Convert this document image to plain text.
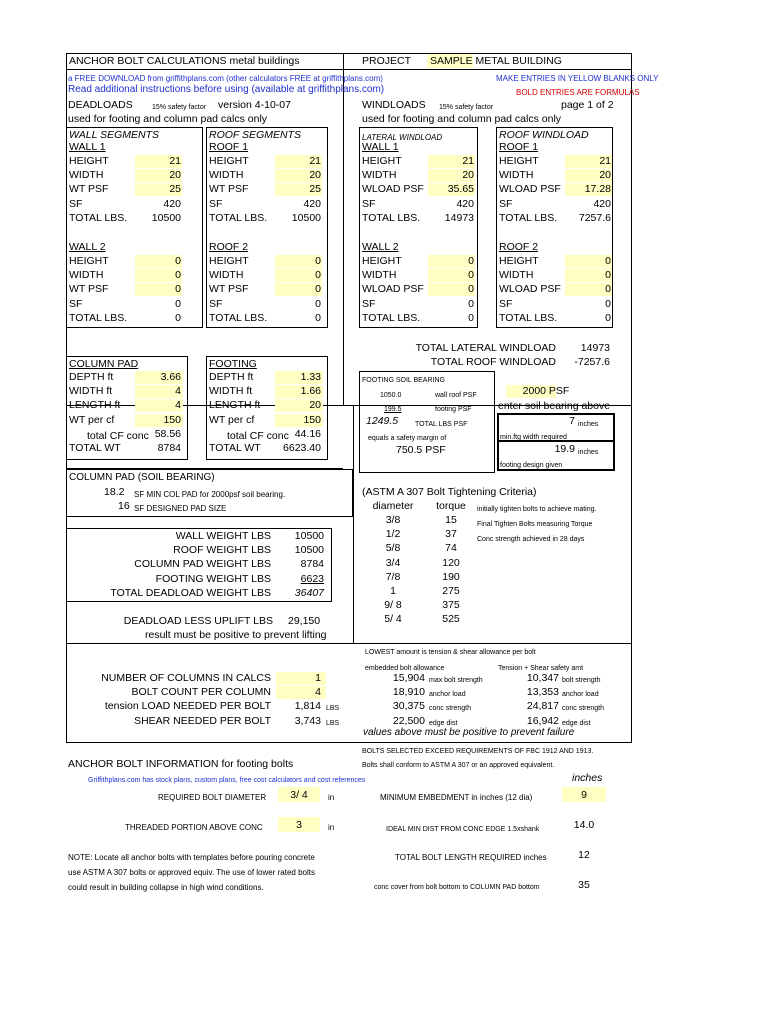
ANCHOR BOLT CALCULATIONS metal buildings	PROJECT SAMPLE METAL BUILDING
a FREE DOWNLOAD from griffithplans.com (other calculators FREE at griffithplans.com)	MAKE ENTRIES IN YELLOW BLANKS ONLY
Read additional instructions before using (available at griffithplans.com)	BOLD ENTRIES ARE FORMULAS
DEADLOADS	15% safety factor version 4-10-07	WINDLOADS 15% safety factor	page 1 of 2
used for footing and column pad calcs only	used for footing and column pad calcs only
WALL SEGMENTS	ROOF SEGMENTS	LATERAL WINDLOAD	ROOF WINDLOAD
WALL 1
HEIGHT	21
WIDTH	20
WT PSF	25
SF	420
TOTAL LBS.	10500
ROOF 1
HEIGHT	21
WIDTH	20
WT PSF	25
SF	420
TOTAL LBS.	10500
WALL 1
HEIGHT	21
WIDTH	20
WLOAD PSF	35.65
SF	420
TOTAL LBS.	14973
ROOF 1
HEIGHT	21
WIDTH	20
WLOAD PSF	17.28
SF	420
TOTAL LBS.	7257.6
WALL 2
HEIGHT	0
WIDTH	0
WT PSF	0
SF	0
TOTAL LBS.	0
ROOF 2
HEIGHT	0
WIDTH	0
WT PSF	0
SF	0
TOTAL LBS.	0
WALL 2
HEIGHT	0
WIDTH	0
WLOAD PSF	0
SF	0
TOTAL LBS.	0
ROOF 2
HEIGHT	0
WIDTH	0
WLOAD PSF	0
SF	0
TOTAL LBS.	0
TOTAL LATERAL WINDLOAD	14973
TOTAL ROOF WINDLOAD	-7257.6
COLUMN PAD	FOOTING
DEPTH ft	3.66
WIDTH ft	4
LENGTH ft	4
WT per cf	150
total CF conc 58.56
TOTAL WT	8784
DEPTH ft	1.33
WIDTH ft	1.66
LENGTH ft	20
WT per cf	150
total CF conc 44.16
TOTAL WT	6623.40
FOOTING SOIL BEARING
1050.0	wall roof PSF
199.5	footing PSF
1249.5 TOTAL LBS PSF
equals a safety margin of
750.5 PSF
2000 PSF
enter soil bearing above
7 inches
min.ftg width required
19.9 inches
footing design given
COLUMN PAD (SOIL BEARING)
18.2 SF MIN COL PAD for 2000psf soil bearing.
16 SF DESIGNED PAD SIZE
(ASTM A 307 Bolt Tightening Criteria)
diameter	torque	initially tighten bolts to achieve mating.
Final Tighten Bolts measuring Torque
Conc strength achieved in 28 days
3/8	15
1/2	37
5/8	74
3/4	120
7/8	190
1	275
9/ 8	375
5/ 4	525
WALL WEIGHT LBS	10500
ROOF WEIGHT LBS	10500
COLUMN PAD WEIGHT LBS	8784
FOOTING WEIGHT LBS	6623
TOTAL DEADLOAD WEIGHT LBS	36407
DEADLOAD LESS UPLIFT LBS 29,150
result must be positive to prevent lifting
LOWEST amount is tension & shear allowance per bolt
embedded bolt allowance	Tension + Shear safety amt
15,904 max bolt strength	10,347 bolt strength
18,910 anchor load	13,353 anchor load
30,375 conc strength	24,817 conc strength
22,500 edge dist	16,942 edge dist
values above must be positive to prevent failure
NUMBER OF COLUMNS IN CALCS	1
BOLT COUNT PER COLUMN	4
tension LOAD NEEDED PER BOLT	1,814 LBS
SHEAR NEEDED PER BOLT	3,743 LBS
BOLTS SELECTED EXCEED REQUIREMENTS OF FBC 1912 AND 1913.
Bolts shall conform to ASTM A 307 or an approved equivalent.
ANCHOR BOLT INFORMATION for footing bolts
Griffithplans.com has stock plans, custom plans, free cost calculators and cost references	inches
REQUIRED BOLT DIAMETER	3/ 4	in	MINIMUM EMBEDMENT in inches (12 dia)	9
THREADED PORTION ABOVE CONC	3	in	IDEAL MIN DIST FROM CONC EDGE 1.5xshank	14.0
TOTAL BOLT LENGTH REQUIRED inches	12
conc cover from bolt bottom to COLUMN PAD bottom	35
NOTE: Locate all anchor bolts with templates before pouring concrete
use ASTM A 307 bolts or approved equiv. The use of lower rated bolts
could result in building collapse in high wind conditions.
